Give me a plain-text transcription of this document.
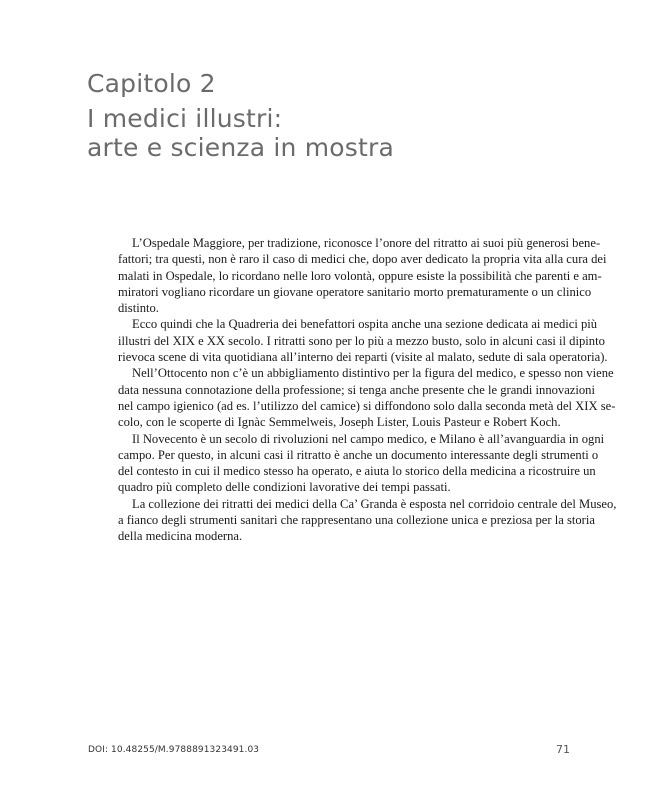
Capitolo 2
I medici illustri:
arte e scienza in mostra

L’Ospedale Maggiore, per tradizione, riconosce l’onore del ritratto ai suoi più generosi bene-
fattori; tra questi, non è raro il caso di medici che, dopo aver dedicato la propria vita alla cura dei
malati in Ospedale, lo ricordano nelle loro volontà, oppure esiste la possibilità che parenti e am-
miratori vogliano ricordare un giovane operatore sanitario morto prematuramente o un clinico
distinto.

Ecco quindi che la Quadreria dei benefattori ospita anche una sezione dedicata ai medici più
illustri del XIX e XX secolo. I ritratti sono per lo più a mezzo busto, solo in alcuni casi il dipinto
rievoca scene di vita quotidiana all’interno dei reparti (visite al malato, sedute di sala operatoria).

Nell’Ottocento non c’è un abbigliamento distintivo per la figura del medico, e spesso non viene
data nessuna connotazione della professione; si tenga anche presente che le grandi innovazioni
nel campo igienico (ad es. l’utilizzo del camice) si diffondono solo dalla seconda metà del XIX se-
colo, con le scoperte di Ignàc Semmelweis, Joseph Lister, Louis Pasteur e Robert Koch.

Il Novecento è un secolo di rivoluzioni nel campo medico, e Milano è all’avanguardia in ogni
campo. Per questo, in alcuni casi il ritratto è anche un documento interessante degli strumenti o
del contesto in cui il medico stesso ha operato, e aiuta lo storico della medicina a ricostruire un
quadro più completo delle condizioni lavorative dei tempi passati.

La collezione dei ritratti dei medici della Ca’ Granda è esposta nel corridoio centrale del Museo,
a fianco degli strumenti sanitari che rappresentano una collezione unica e preziosa per la storia
della medicina moderna.

DOI: 10.48255/M.9788891323491.03	71
